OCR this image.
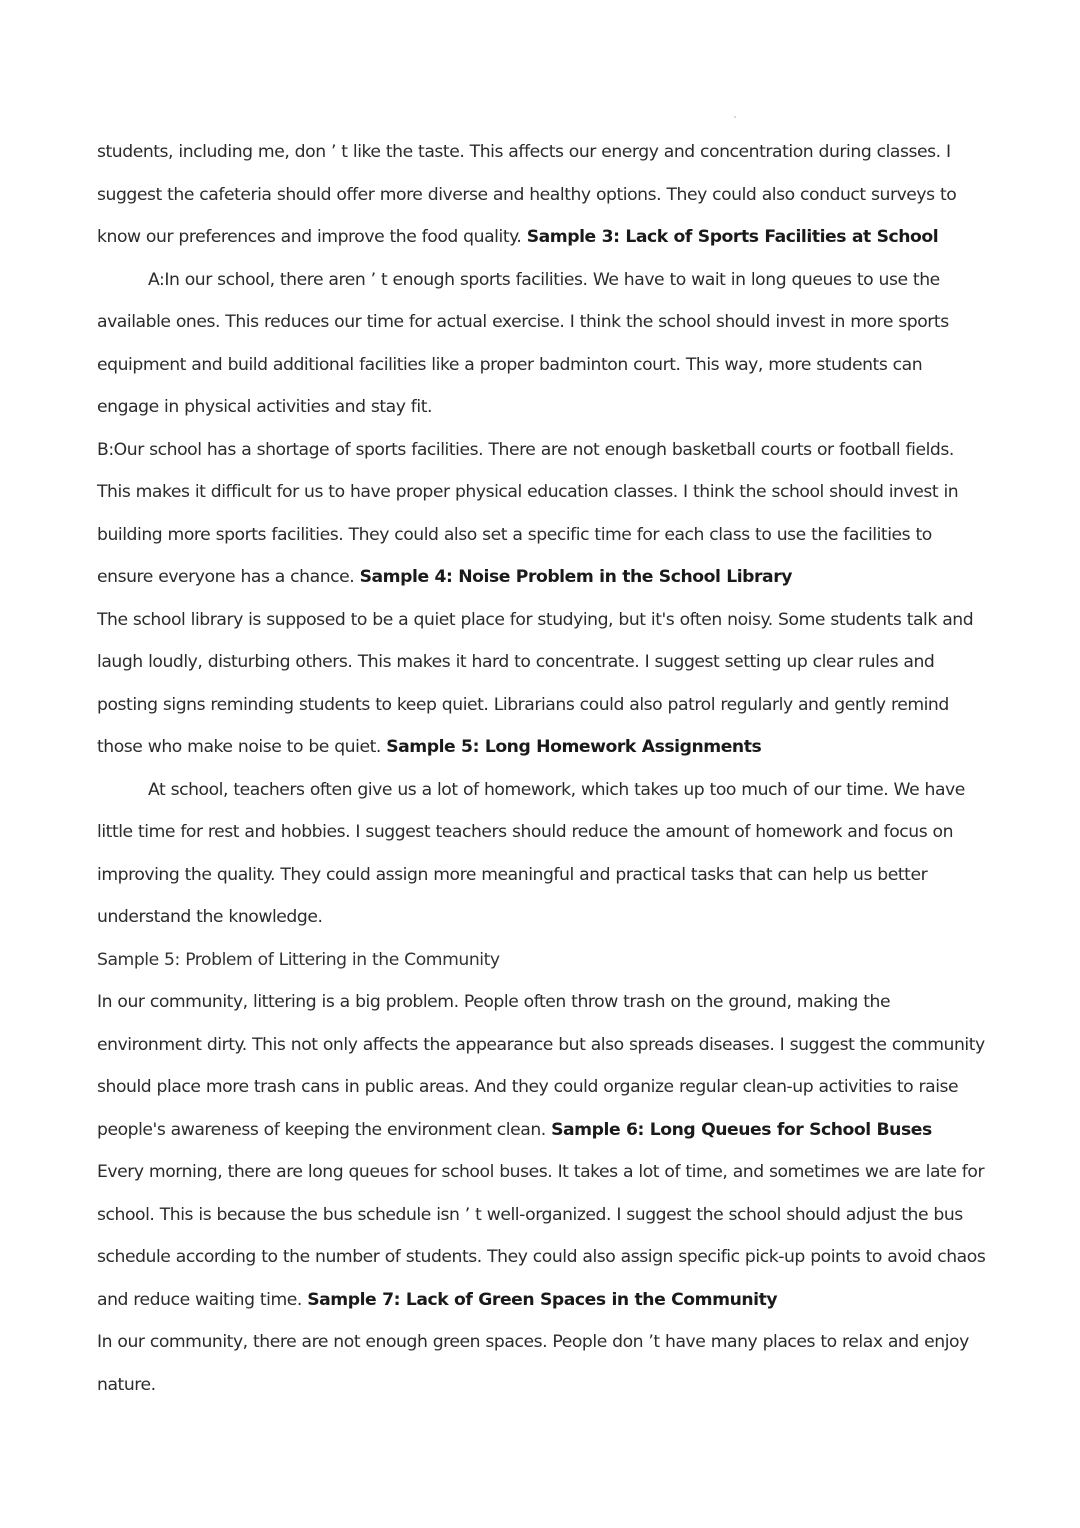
students, including me, don ’ t like the taste. This affects our energy and concentration during classes. I suggest the cafeteria should offer more diverse and healthy options. They could also conduct surveys to know our preferences and improve the food quality. Sample 3: Lack of Sports Facilities at School

A:In our school, there aren ’ t enough sports facilities. We have to wait in long queues to use the available ones. This reduces our time for actual exercise. I think the school should invest in more sports equipment and build additional facilities like a proper badminton court. This way, more students can engage in physical activities and stay fit.

B:Our school has a shortage of sports facilities. There are not enough basketball courts or football fields. This makes it difficult for us to have proper physical education classes. I think the school should invest in building more sports facilities. They could also set a specific time for each class to use the facilities to ensure everyone has a chance. Sample 4: Noise Problem in the School Library

The school library is supposed to be a quiet place for studying, but it's often noisy. Some students talk and laugh loudly, disturbing others. This makes it hard to concentrate. I suggest setting up clear rules and posting signs reminding students to keep quiet. Librarians could also patrol regularly and gently remind those who make noise to be quiet. Sample 5: Long Homework Assignments

At school, teachers often give us a lot of homework, which takes up too much of our time. We have little time for rest and hobbies. I suggest teachers should reduce the amount of homework and focus on improving the quality. They could assign more meaningful and practical tasks that can help us better understand the knowledge.

Sample 5: Problem of Littering in the Community

In our community, littering is a big problem. People often throw trash on the ground, making the environment dirty. This not only affects the appearance but also spreads diseases. I suggest the community should place more trash cans in public areas. And they could organize regular clean-up activities to raise people's awareness of keeping the environment clean. Sample 6: Long Queues for School Buses

Every morning, there are long queues for school buses. It takes a lot of time, and sometimes we are late for school. This is because the bus schedule isn ’ t well-organized. I suggest the school should adjust the bus schedule according to the number of students. They could also assign specific pick-up points to avoid chaos and reduce waiting time. Sample 7: Lack of Green Spaces in the Community

In our community, there are not enough green spaces. People don ’t have many places to relax and enjoy nature.
